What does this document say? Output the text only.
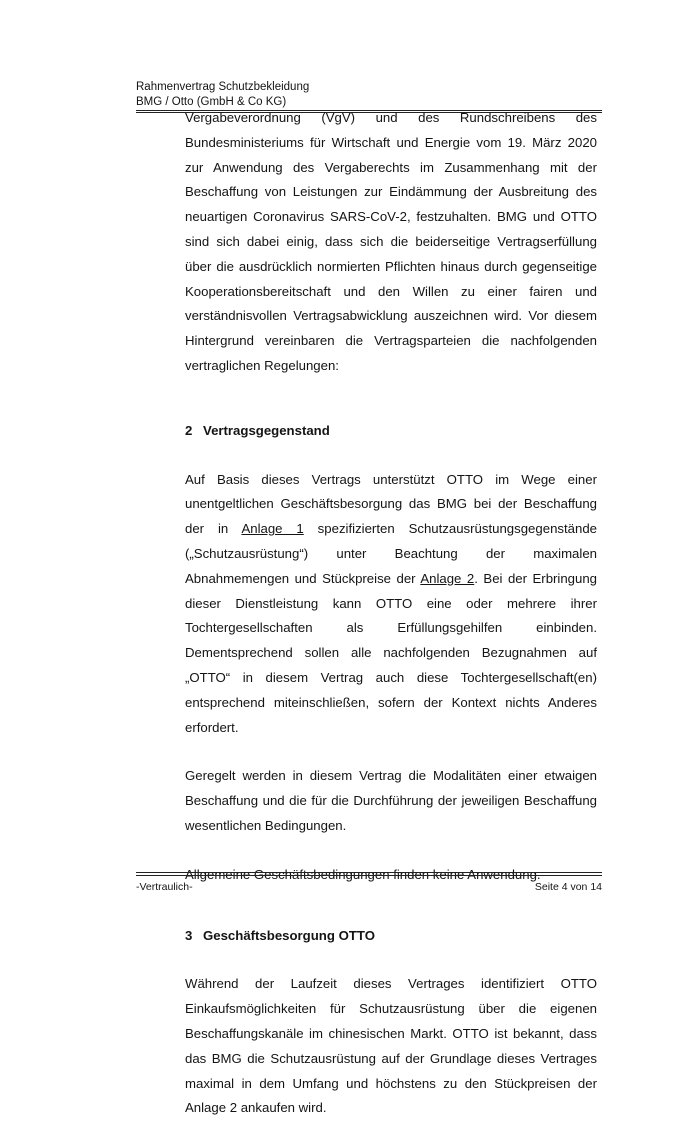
Rahmenvertrag Schutzbekleidung
BMG / Otto (GmbH & Co KG)

Vergabeverordnung (VgV) und des Rundschreibens des Bundesministeriums für Wirtschaft und Energie vom 19. März 2020 zur Anwendung des Vergaberechts im Zusammenhang mit der Beschaffung von Leistungen zur Eindämmung der Ausbreitung des neuartigen Coronavirus SARS-CoV-2, festzuhalten. BMG und OTTO sind sich dabei einig, dass sich die beiderseitige Vertragserfüllung über die ausdrücklich normierten Pflichten hinaus durch gegenseitige Kooperationsbereitschaft und den Willen zu einer fairen und verständnisvollen Vertragsabwicklung auszeichnen wird. Vor diesem Hintergrund vereinbaren die Vertragsparteien die nachfolgenden vertraglichen Regelungen:

2 Vertragsgegenstand

Auf Basis dieses Vertrags unterstützt OTTO im Wege einer unentgeltlichen Geschäftsbesorgung das BMG bei der Beschaffung der in Anlage 1 spezifizierten Schutzausrüstungsgegenstände („Schutzausrüstung“) unter Beachtung der maximalen Abnahmemengen und Stückpreise der Anlage 2. Bei der Erbringung dieser Dienstleistung kann OTTO eine oder mehrere ihrer Tochtergesellschaften als Erfüllungsgehilfen einbinden. Dementsprechend sollen alle nachfolgenden Bezugnahmen auf „OTTO“ in diesem Vertrag auch diese Tochtergesellschaft(en) entsprechend miteinschließen, sofern der Kontext nichts Anderes erfordert.

Geregelt werden in diesem Vertrag die Modalitäten einer etwaigen Beschaffung und die für die Durchführung der jeweiligen Beschaffung wesentlichen Bedingungen.

Allgemeine Geschäftsbedingungen finden keine Anwendung.

3 Geschäftsbesorgung OTTO

Während der Laufzeit dieses Vertrages identifiziert OTTO Einkaufsmöglichkeiten für Schutzausrüstung über die eigenen Beschaffungskanäle im chinesischen Markt. OTTO ist bekannt, dass das BMG die Schutzausrüstung auf der Grundlage dieses Vertrages maximal in dem Umfang und höchstens zu den Stückpreisen der Anlage 2 ankaufen wird.

-Vertraulich-	Seite 4 von 14
